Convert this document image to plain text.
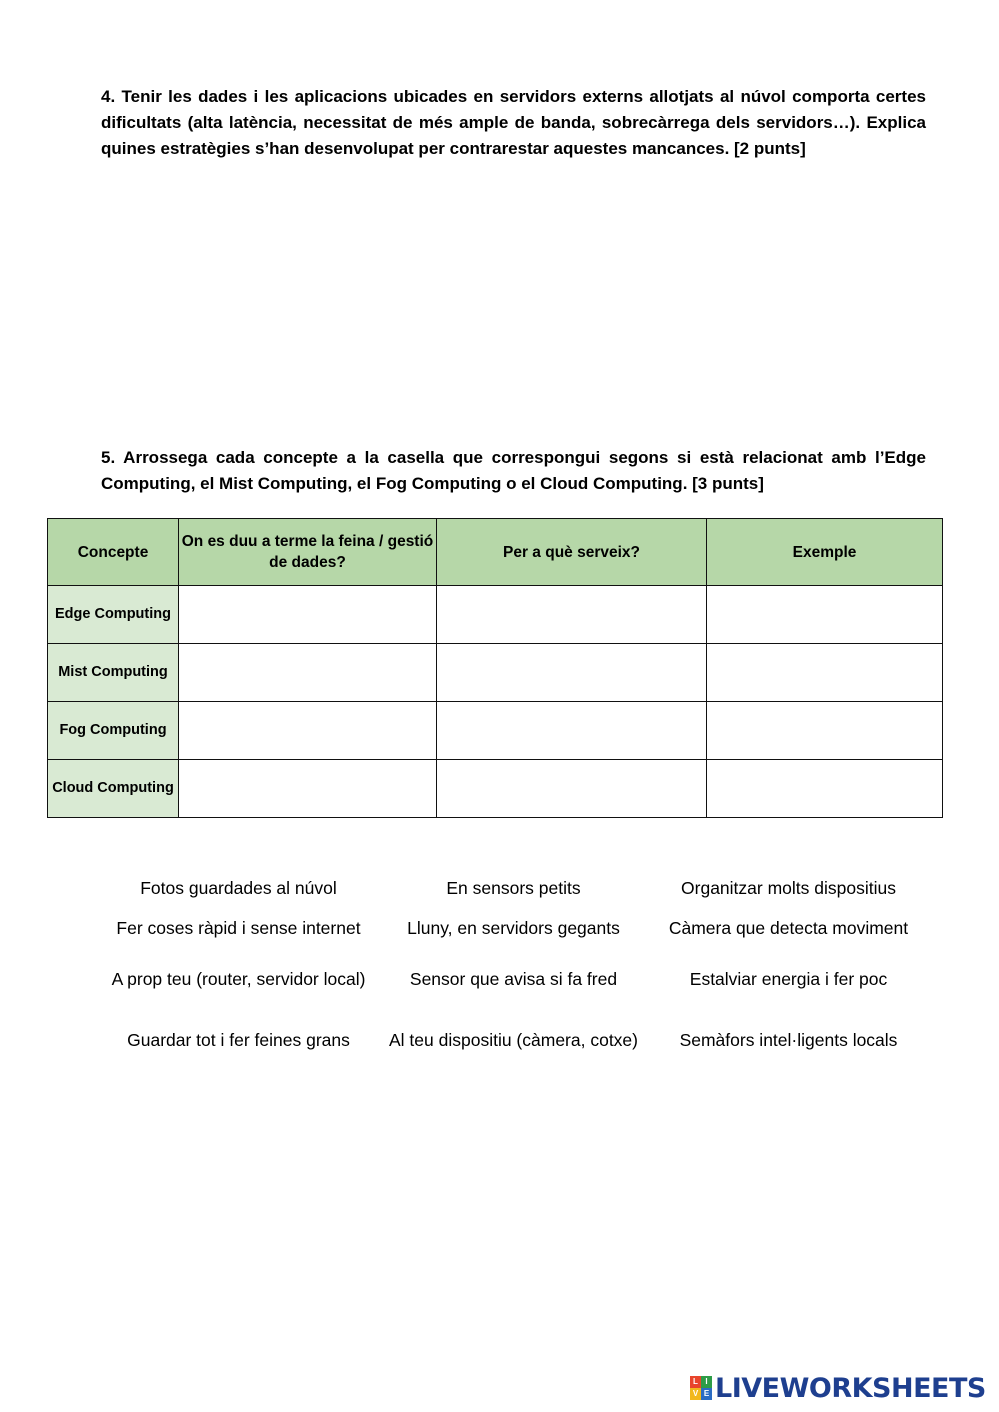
4. Tenir les dades i les aplicacions ubicades en servidors externs allotjats al núvol comporta certes dificultats (alta latència, necessitat de més ample de banda, sobrecàrrega dels servidors…). Explica quines estratègies s’han desenvolupat per contrarestar aquestes mancances. [2 punts]
5. Arrossega cada concepte a la casella que correspongui segons si està relacionat amb l’Edge Computing, el Mist Computing, el Fog Computing o el Cloud Computing. [3 punts]
Concepte	On es duu a terme la feina / gestió de dades?	Per a què serveix?	Exemple
Edge Computing			
Mist Computing			
Fog Computing			
Cloud Computing			
Fotos guardades al núvol	En sensors petits	Organitzar molts dispositius
Fer coses ràpid i sense internet	Lluny, en servidors gegants	Càmera que detecta moviment
A prop teu (router, servidor local)	Sensor que avisa si fa fred	Estalviar energia i fer poc
Guardar tot i fer feines grans	Al teu dispositiu (càmera, cotxe)	Semàfors intel·ligents locals
L I
V E LIVEWORKSHEETS
